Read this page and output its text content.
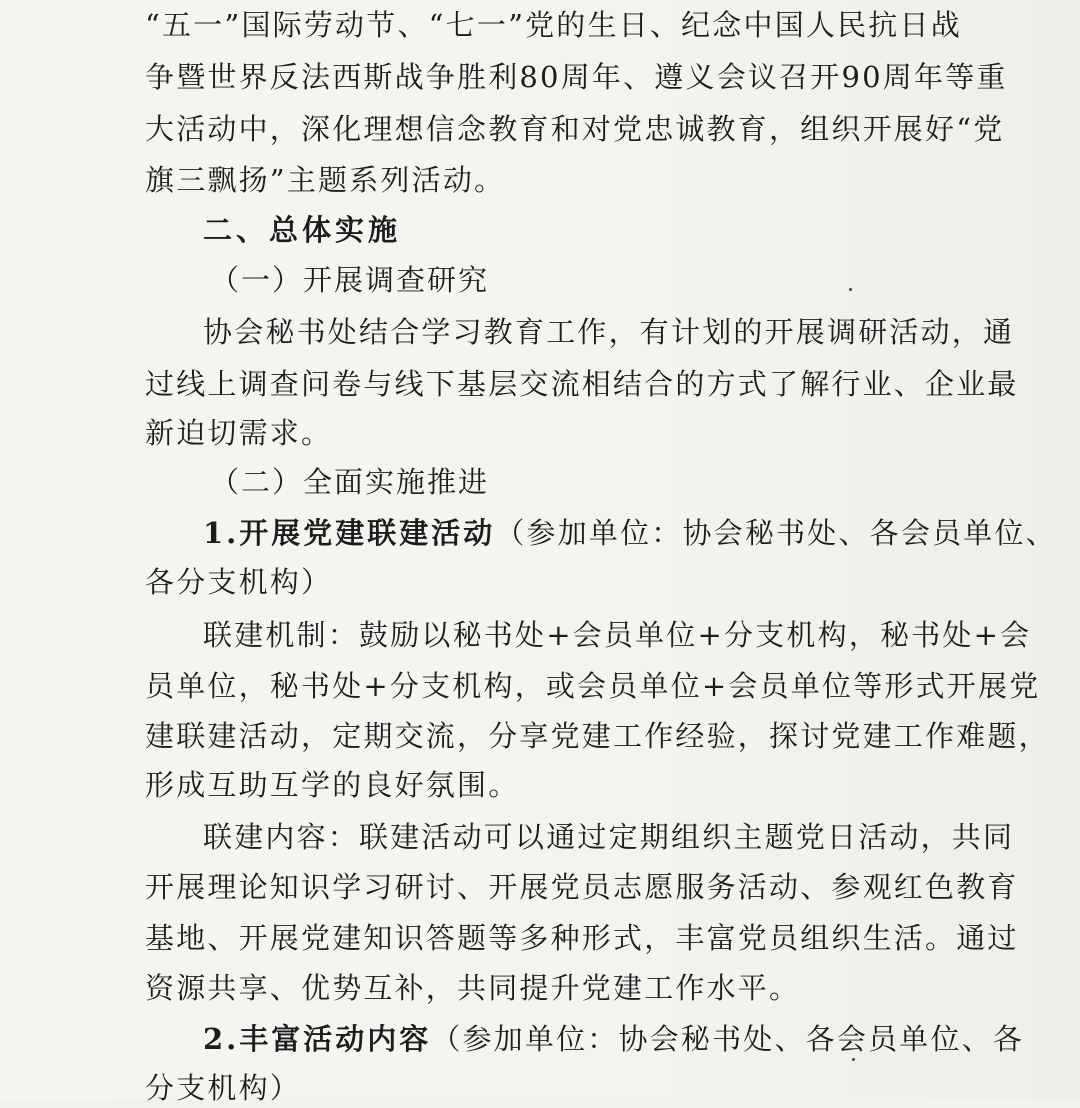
“五一”国际劳动节、“七一”党的生日、纪念中国人民抗日战
争暨世界反法西斯战争胜利80周年、遵义会议召开90周年等重
大活动中，深化理想信念教育和对党忠诚教育，组织开展好“党
旗三飘扬”主题系列活动。
二、总体实施
（一）开展调查研究
协会秘书处结合学习教育工作，有计划的开展调研活动，通
过线上调查问卷与线下基层交流相结合的方式了解行业、企业最
新迫切需求。
（二）全面实施推进
1.开展党建联建活动（参加单位：协会秘书处、各会员单位、
各分支机构）
联建机制：鼓励以秘书处+会员单位+分支机构，秘书处+会
员单位，秘书处+分支机构，或会员单位+会员单位等形式开展党
建联建活动，定期交流，分享党建工作经验，探讨党建工作难题，
形成互助互学的良好氛围。
联建内容：联建活动可以通过定期组织主题党日活动，共同
开展理论知识学习研讨、开展党员志愿服务活动、参观红色教育
基地、开展党建知识答题等多种形式，丰富党员组织生活。通过
资源共享、优势互补，共同提升党建工作水平。
2.丰富活动内容（参加单位：协会秘书处、各会员单位、各
分支机构）
